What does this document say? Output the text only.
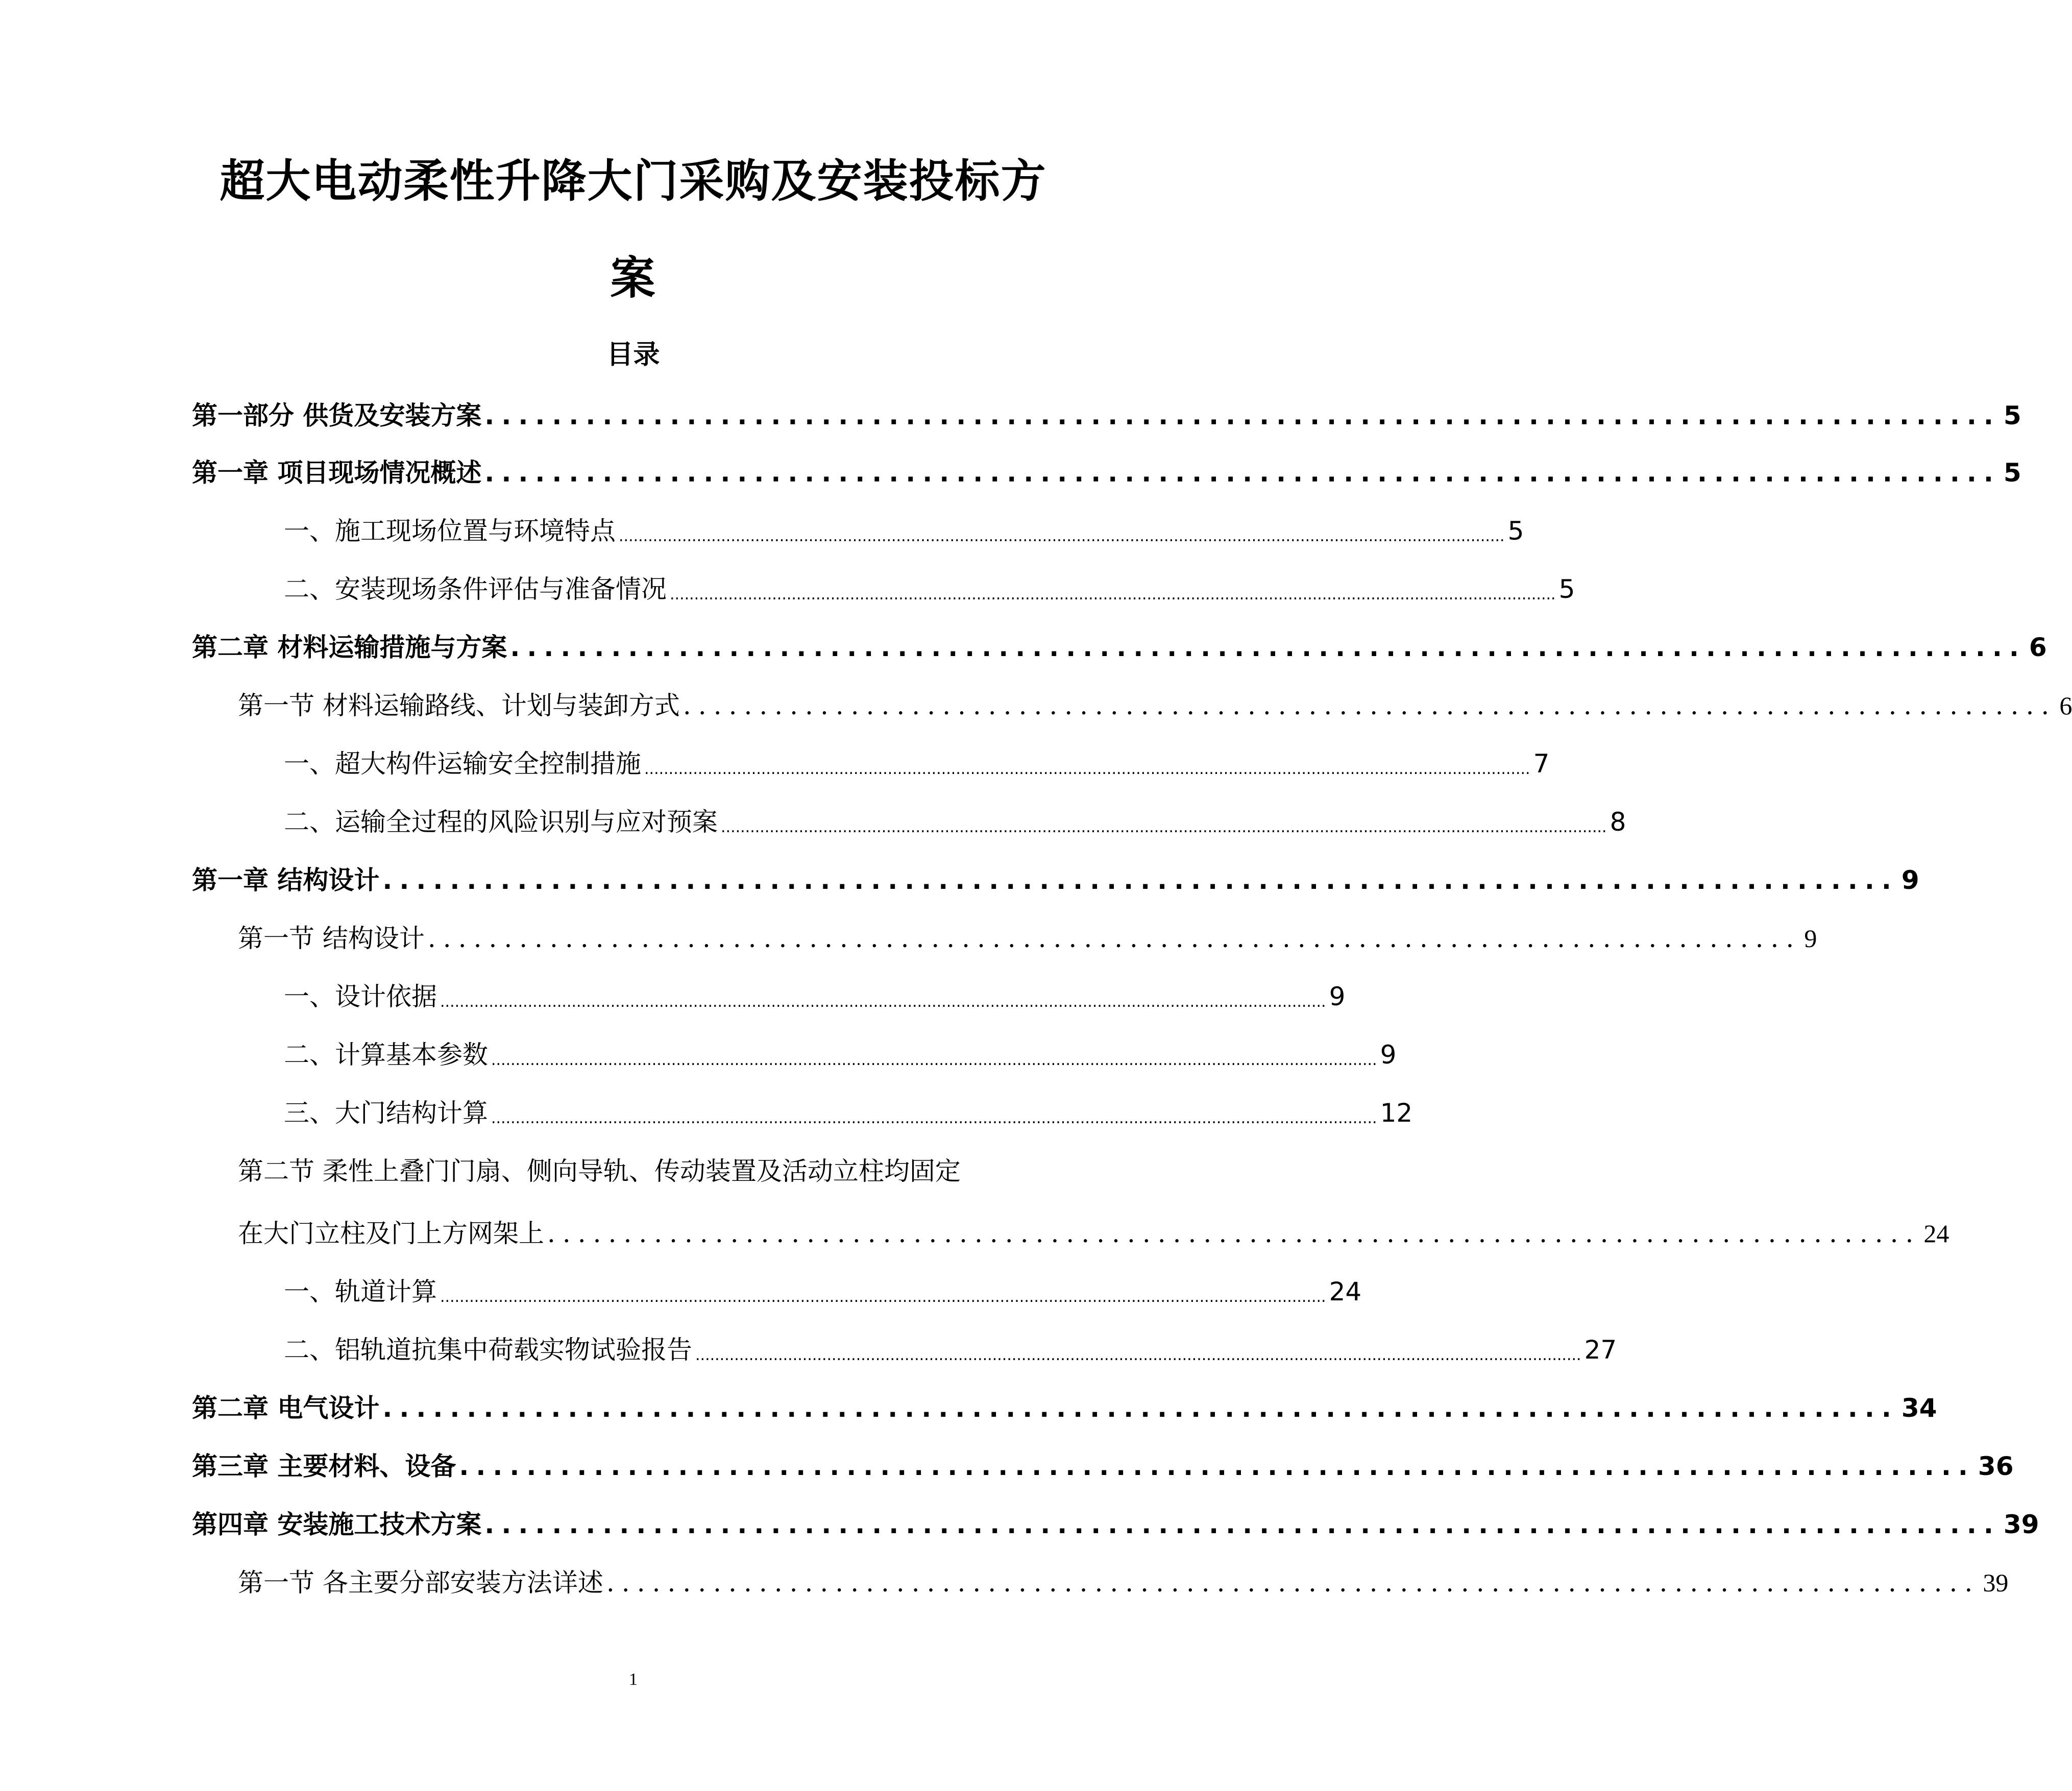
超大电动柔性升降大门采购及安装投标方
案
目录
第一部分 供货及安装方案 .......................................................................................... 5
第一章 项目现场情况概述 .......................................................................................... 5
一、施工现场位置与环境特点 ...................................................................................................................................................................................... 5
二、安装现场条件评估与准备情况 ...................................................................................................................................................................................... 5
第二章 材料运输措施与方案 .......................................................................................... 6
第一节 材料运输路线、计划与装卸方式 .......................................................................................... 6
一、超大构件运输安全控制措施 ...................................................................................................................................................................................... 7
二、运输全过程的风险识别与应对预案 ...................................................................................................................................................................................... 8
第一章 结构设计 .......................................................................................... 9
第一节 结构设计 .......................................................................................... 9
一、设计依据 ...................................................................................................................................................................................... 9
二、计算基本参数 ...................................................................................................................................................................................... 9
三、大门结构计算 ...................................................................................................................................................................................... 12
第二节 柔性上叠门门扇、侧向导轨、传动装置及活动立柱均固定
在大门立柱及门上方网架上 .......................................................................................... 24
一、轨道计算 ...................................................................................................................................................................................... 24
二、铝轨道抗集中荷载实物试验报告 ...................................................................................................................................................................................... 27
第二章 电气设计 .......................................................................................... 34
第三章 主要材料、设备 .......................................................................................... 36
第四章 安装施工技术方案 .......................................................................................... 39
第一节 各主要分部安装方法详述 .......................................................................................... 39
1
